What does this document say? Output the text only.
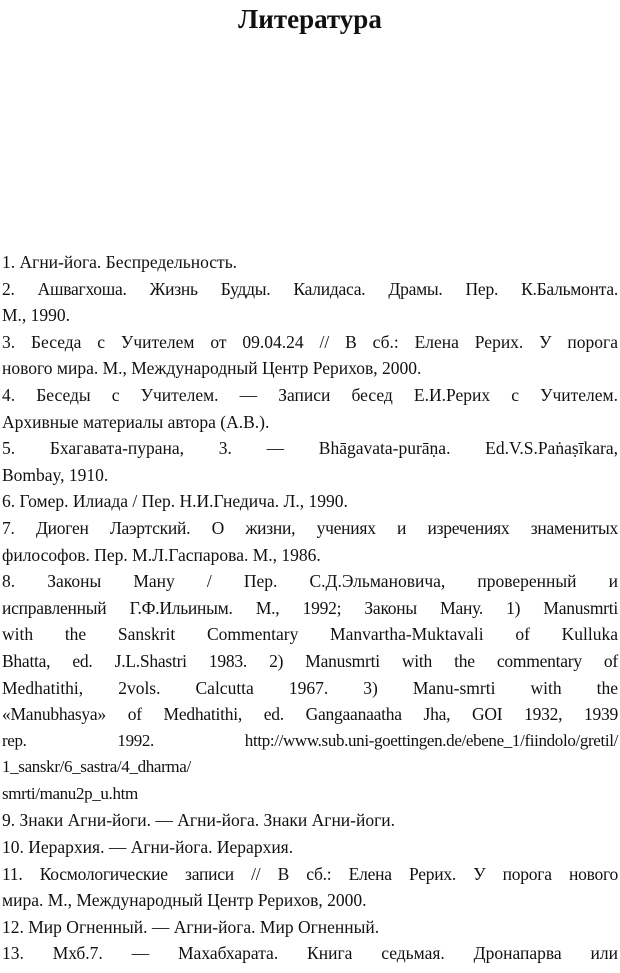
Литература
1. Агни-йога. Беспредельность.
2. Ашвагхоша. Жизнь Будды. Калидаса. Драмы. Пер. К.Бальмонта.
М., 1990.
3. Беседа с Учителем от 09.04.24 // В сб.: Елена Рерих. У порога
нового мира. М., Международный Центр Рерихов, 2000.
4. Беседы с Учителем. — Записи бесед Е.И.Рерих с Учителем.
Архивные материалы автора (А.В.).
5. Бхагавата-пурана, 3. — Bhāgavata-purāṇa. Ed.V.S.Paṅaṣīkara,
Bombay, 1910.
6. Гомер. Илиада / Пер. Н.И.Гнедича. Л., 1990.
7. Диоген Лаэртский. О жизни, учениях и изречениях знаменитых
философов. Пер. М.Л.Гаспарова. М., 1986.
8. Законы Ману / Пер. С.Д.Эльмановича, проверенный и
исправленный Г.Ф.Ильиным. М., 1992; Законы Ману. 1) Manusmrti
with the Sanskrit Commentary Manvartha-Muktavali of Kulluka
Bhatta, ed. J.L.Shastri 1983. 2) Manusmrti with the commentary of
Medhatithi, 2vols. Calcutta 1967. 3) Manu-smrti with the
«Manubhasya» of Medhatithi, ed. Gangaanaatha Jha, GOI 1932, 1939
rep. 1992. http://www.sub.uni-goettingen.de/ebene_1/fiindolo/gretil/
1_sanskr/6_sastra/4_dharma/
smrti/manu2p_u.htm
9. Знаки Агни-йоги. — Агни-йога. Знаки Агни-йоги.
10. Иерархия. — Агни-йога. Иерархия.
11. Космологические записи // В сб.: Елена Рерих. У порога нового
мира. М., Международный Центр Рерихов, 2000.
12. Мир Огненный. — Агни-йога. Мир Огненный.
13. Мхб.7. — Махабхарата. Книга седьмая. Дронапарва или
